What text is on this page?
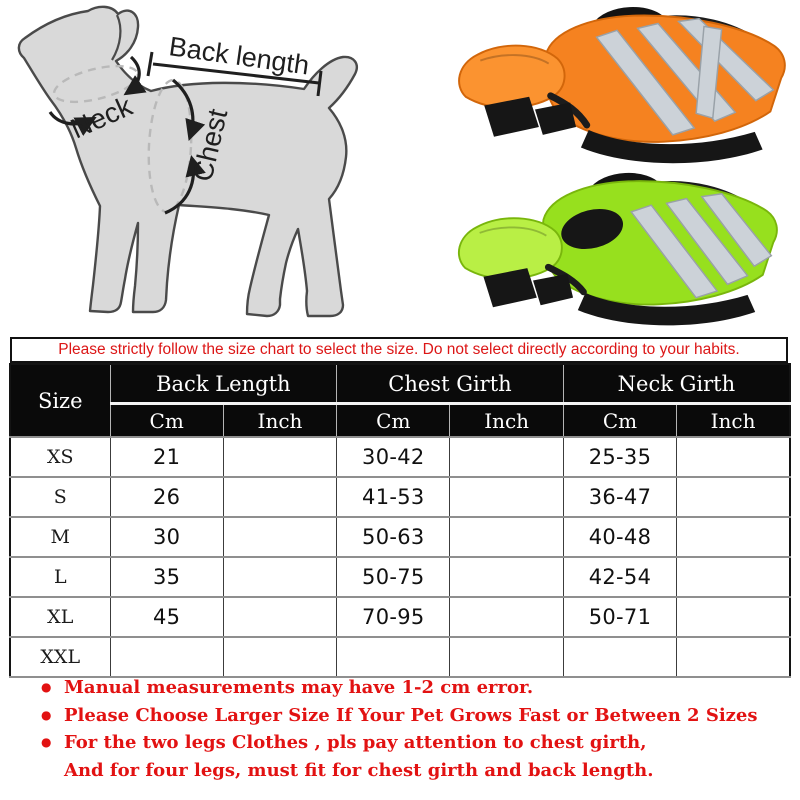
Back length
Neck Chest
Please strictly follow the size chart to select the size. Do not select directly according to your habits.
Size	Back Length		Chest Girth		Neck Girth	
	Cm	Inch	Cm	Inch	Cm	Inch
XS	21		30-42		25-35	
S	26		41-53		36-47	
M	30		50-63		40-48	
L	35		50-75		42-54	
XL	45		70-95		50-71	
XXL						
● Manual measurements may have 1-2 cm error.
● Please Choose Larger Size If Your Pet Grows Fast or Between 2 Sizes
● For the two legs Clothes , pls pay attention to chest girth,
And for four legs, must fit for chest girth and back length.
